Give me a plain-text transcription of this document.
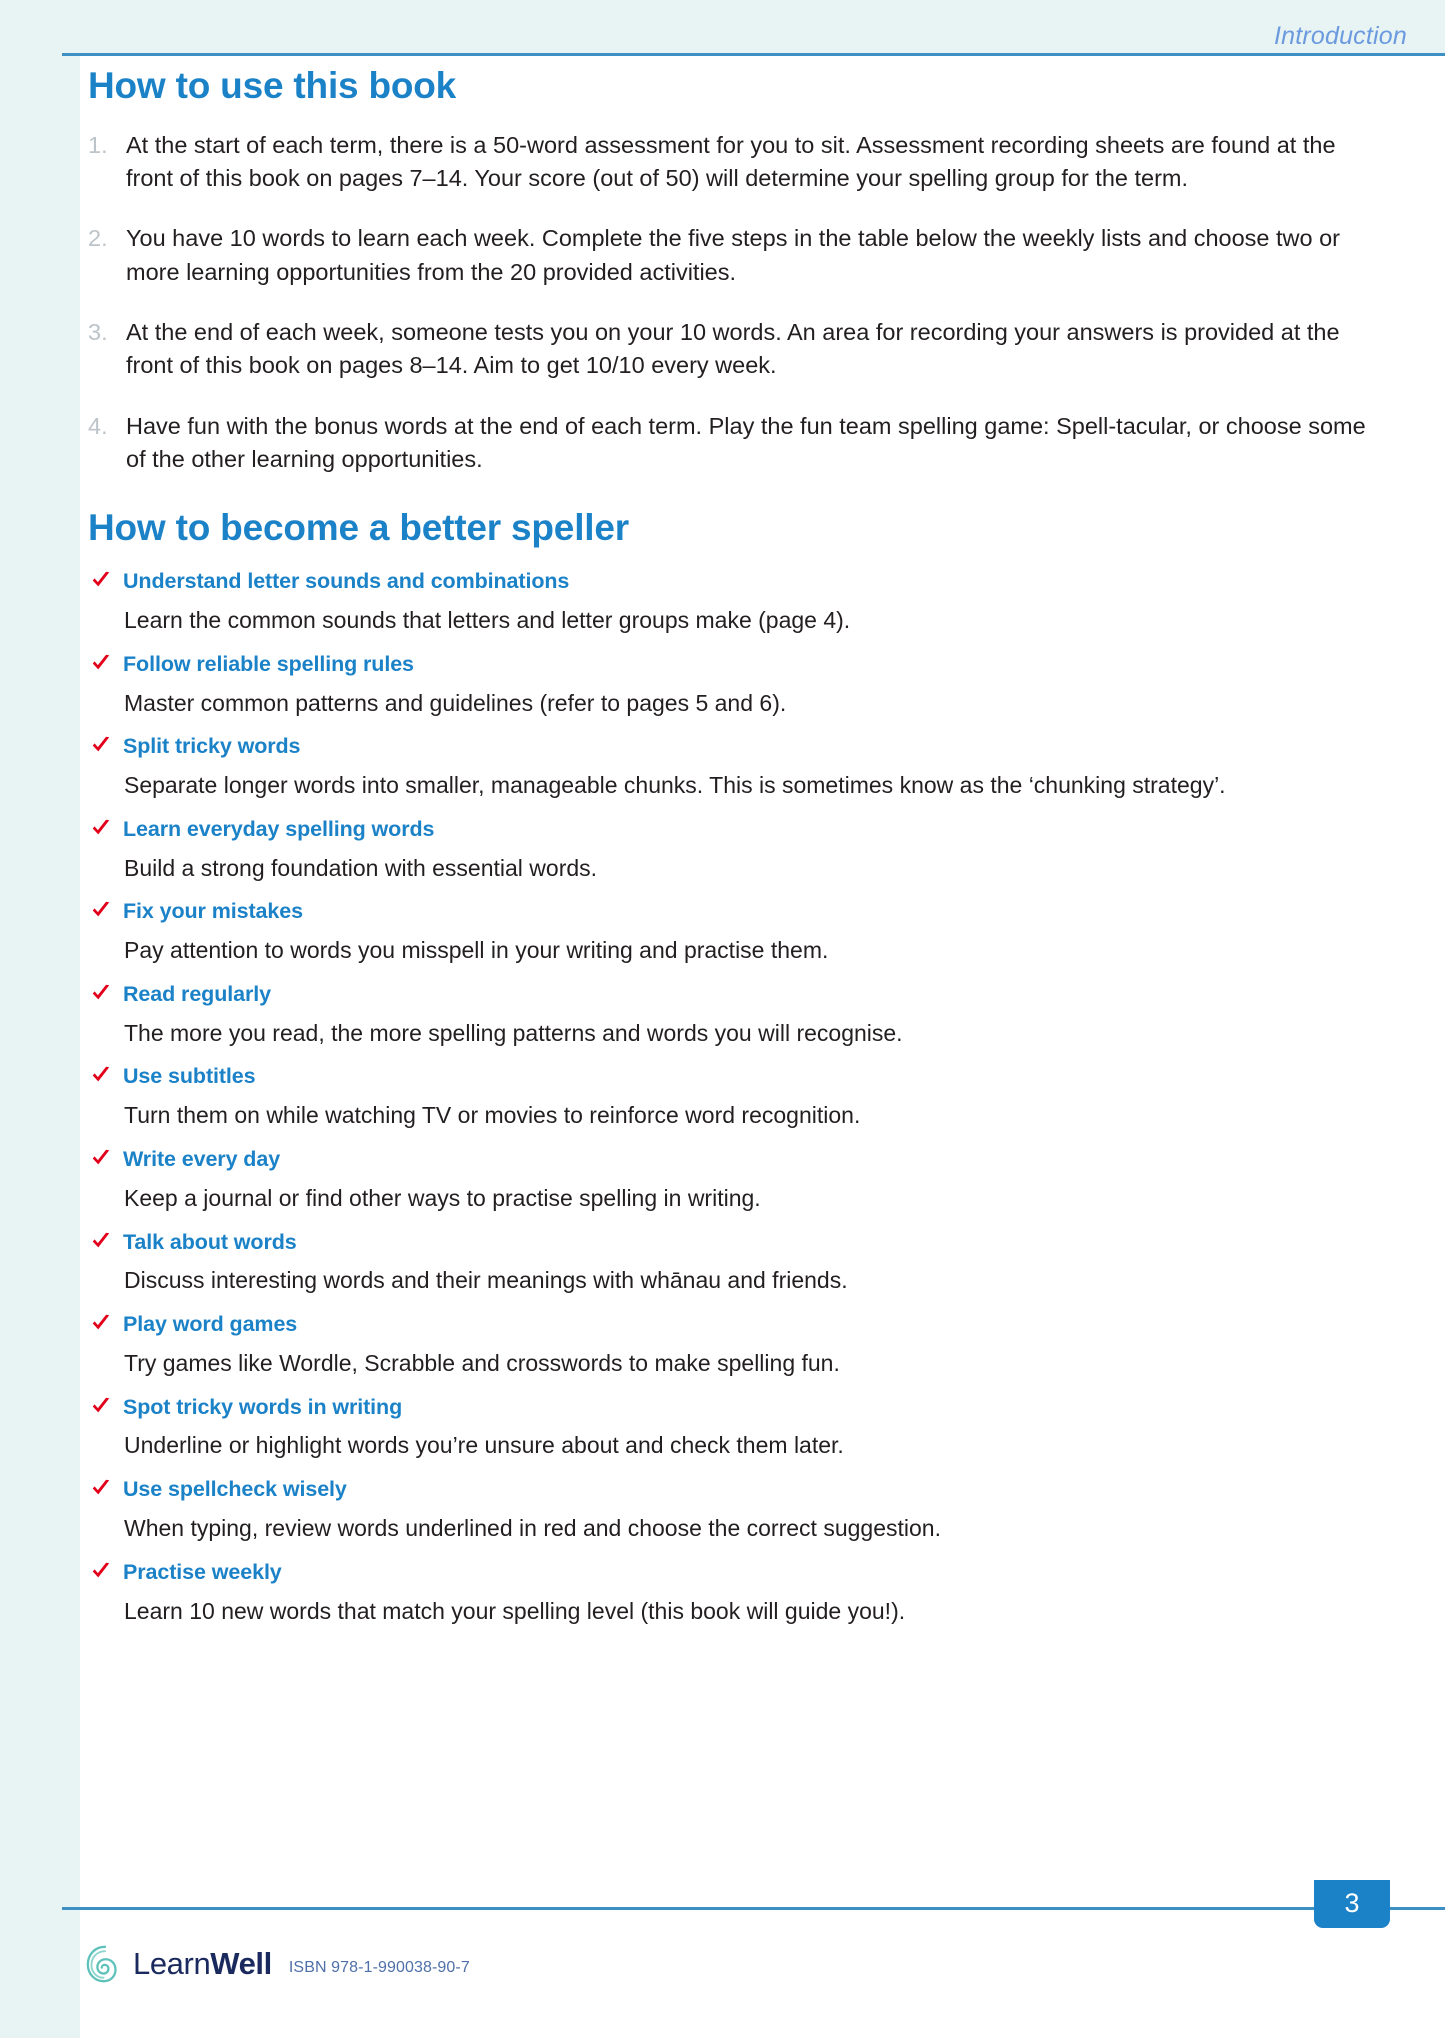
Introduction
How to use this book
1. At the start of each term, there is a 50-word assessment for you to sit. Assessment recording sheets are found at the front of this book on pages 7–14. Your score (out of 50) will determine your spelling group for the term.
2. You have 10 words to learn each week. Complete the five steps in the table below the weekly lists and choose two or more learning opportunities from the 20 provided activities.
3. At the end of each week, someone tests you on your 10 words. An area for recording your answers is provided at the front of this book on pages 8–14. Aim to get 10/10 every week.
4. Have fun with the bonus words at the end of each term. Play the fun team spelling game: Spell-tacular, or choose some of the other learning opportunities.
How to become a better speller
Understand letter sounds and combinations
Learn the common sounds that letters and letter groups make (page 4).
Follow reliable spelling rules
Master common patterns and guidelines (refer to pages 5 and 6).
Split tricky words
Separate longer words into smaller, manageable chunks. This is sometimes know as the ‘chunking strategy’.
Learn everyday spelling words
Build a strong foundation with essential words.
Fix your mistakes
Pay attention to words you misspell in your writing and practise them.
Read regularly
The more you read, the more spelling patterns and words you will recognise.
Use subtitles
Turn them on while watching TV or movies to reinforce word recognition.
Write every day
Keep a journal or find other ways to practise spelling in writing.
Talk about words
Discuss interesting words and their meanings with whānau and friends.
Play word games
Try games like Wordle, Scrabble and crosswords to make spelling fun.
Spot tricky words in writing
Underline or highlight words you’re unsure about and check them later.
Use spellcheck wisely
When typing, review words underlined in red and choose the correct suggestion.
Practise weekly
Learn 10 new words that match your spelling level (this book will guide you!).
3
LearnWell ISBN 978-1-990038-90-7
